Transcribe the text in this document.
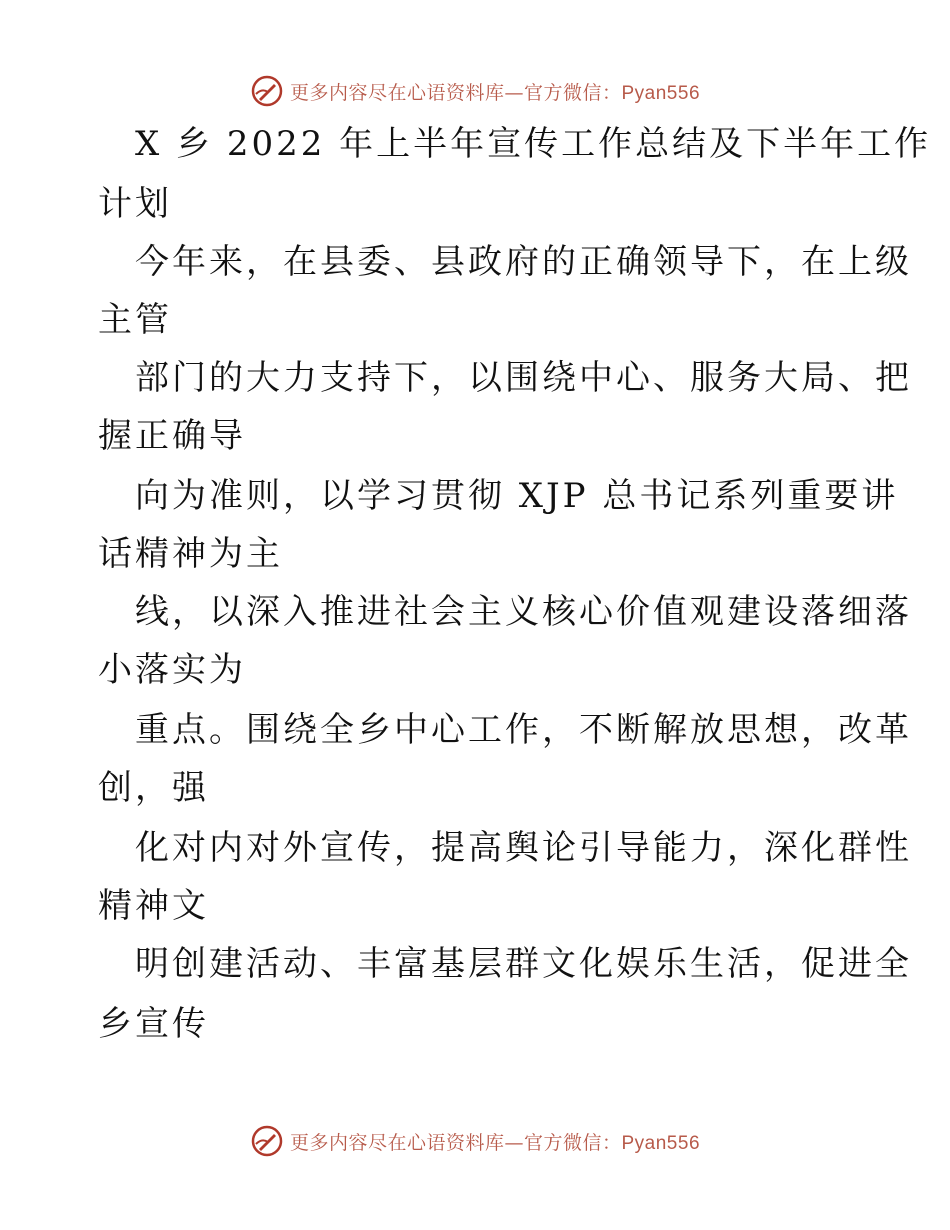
更多内容尽在心语资料库—官方微信：Pyan556
X 乡 2022 年上半年宣传工作总结及下半年工作
计划
今年来，在县委、县政府的正确领导下，在上级
主管
部门的大力支持下，以围绕中心、服务大局、把
握正确导
向为准则，以学习贯彻 XJP 总书记系列重要讲
话精神为主
线，以深入推进社会主义核心价值观建设落细落
小落实为
重点。围绕全乡中心工作，不断解放思想，改革
创，强
化对内对外宣传，提高舆论引导能力，深化群性
精神文
明创建活动、丰富基层群文化娱乐生活，促进全
乡宣传
更多内容尽在心语资料库—官方微信：Pyan556
